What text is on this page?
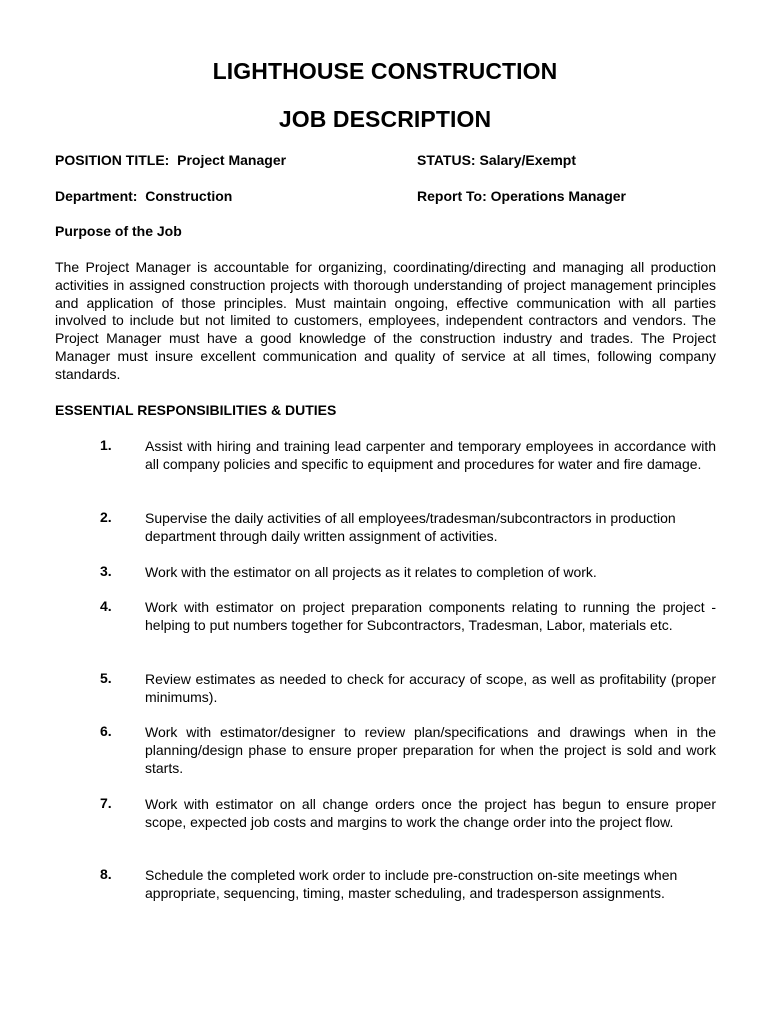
LIGHTHOUSE CONSTRUCTION
JOB DESCRIPTION
POSITION TITLE: Project Manager	STATUS: Salary/Exempt
Department: Construction	Report To: Operations Manager
Purpose of the Job
The Project Manager is accountable for organizing, coordinating/directing and managing all production activities in assigned construction projects with thorough understanding of project management principles and application of those principles. Must maintain ongoing, effective communication with all parties involved to include but not limited to customers, employees, independent contractors and vendors. The Project Manager must have a good knowledge of the construction industry and trades. The Project Manager must insure excellent communication and quality of service at all times, following company standards.
ESSENTIAL RESPONSIBILITIES & DUTIES
1. Assist with hiring and training lead carpenter and temporary employees in accordance with all company policies and specific to equipment and procedures for water and fire damage.
2. Supervise the daily activities of all employees/tradesman/subcontractors in production department through daily written assignment of activities.
3. Work with the estimator on all projects as it relates to completion of work.
4. Work with estimator on project preparation components relating to running the project - helping to put numbers together for Subcontractors, Tradesman, Labor, materials etc.
5. Review estimates as needed to check for accuracy of scope, as well as profitability (proper minimums).
6. Work with estimator/designer to review plan/specifications and drawings when in the planning/design phase to ensure proper preparation for when the project is sold and work starts.
7. Work with estimator on all change orders once the project has begun to ensure proper scope, expected job costs and margins to work the change order into the project flow.
8. Schedule the completed work order to include pre-construction on-site meetings when appropriate, sequencing, timing, master scheduling, and tradesperson assignments.
